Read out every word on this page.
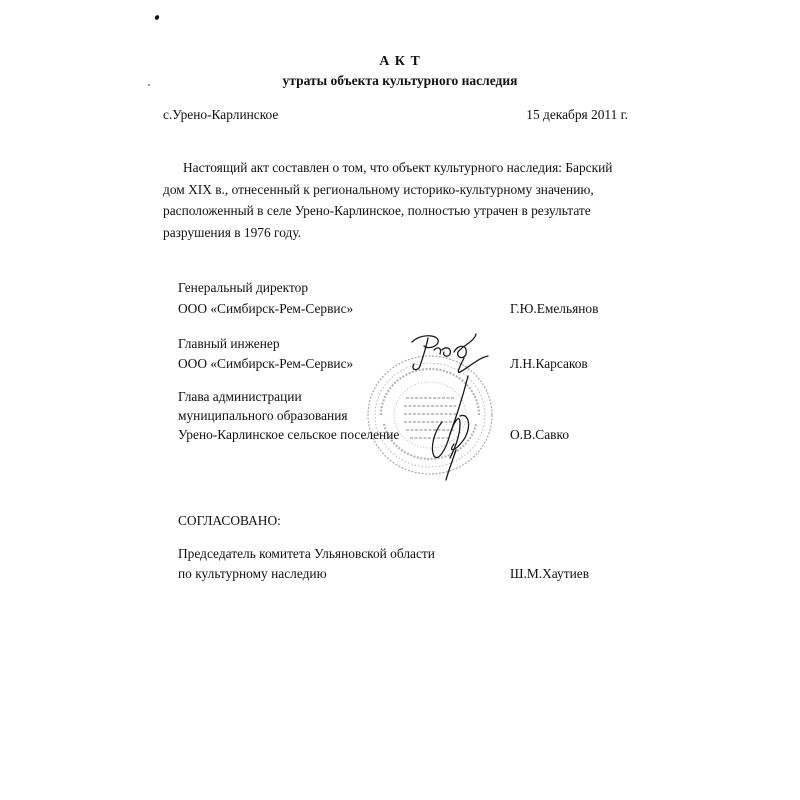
А К Т
утраты объекта культурного наследия
с.Урено-Карлинское	15 декабря 2011 г.
Настоящий акт составлен о том, что объект культурного наследия: Барский
дом XIX в., отнесенный к региональному историко-культурному значению,
расположенный в селе Урено-Карлинское, полностью утрачен в результате
разрушения в 1976 году.
Генеральный директор
ООО «Симбирск-Рем-Сервис»	Г.Ю.Емельянов
Главный инженер
ООО «Симбирск-Рем-Сервис»	Л.Н.Карсаков
Глава администрации
муниципального образования
Урено-Карлинское сельское поселение	О.В.Савко
СОГЛАСОВАНО:
Председатель комитета Ульяновской области
по культурному наследию	Ш.М.Хаутиев
